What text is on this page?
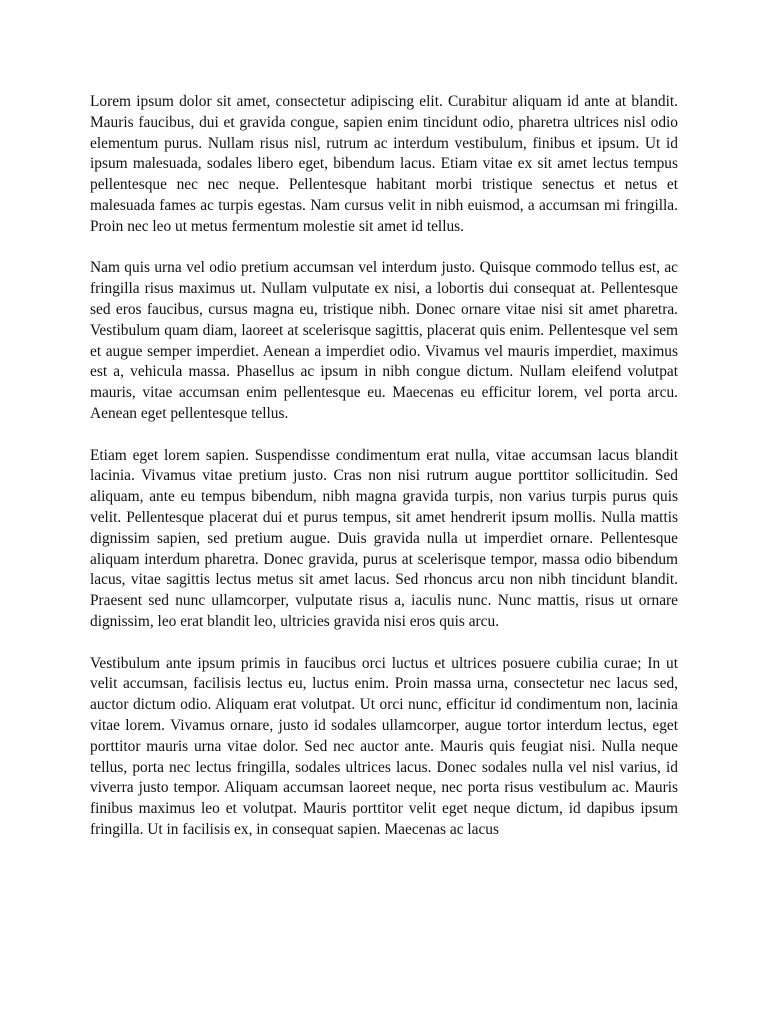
Lorem ipsum dolor sit amet, consectetur adipiscing elit. Curabitur aliquam id ante at blandit. Mauris faucibus, dui et gravida congue, sapien enim tincidunt odio, pharetra ultrices nisl odio elementum purus. Nullam risus nisl, rutrum ac interdum vestibulum, finibus et ipsum. Ut id ipsum malesuada, sodales libero eget, bibendum lacus. Etiam vitae ex sit amet lectus tempus pellentesque nec nec neque. Pellentesque habitant morbi tristique senectus et netus et malesuada fames ac turpis egestas. Nam cursus velit in nibh euismod, a accumsan mi fringilla. Proin nec leo ut metus fermentum molestie sit amet id tellus.

Nam quis urna vel odio pretium accumsan vel interdum justo. Quisque commodo tellus est, ac fringilla risus maximus ut. Nullam vulputate ex nisi, a lobortis dui consequat at. Pellentesque sed eros faucibus, cursus magna eu, tristique nibh. Donec ornare vitae nisi sit amet pharetra. Vestibulum quam diam, laoreet at scelerisque sagittis, placerat quis enim. Pellentesque vel sem et augue semper imperdiet. Aenean a imperdiet odio. Vivamus vel mauris imperdiet, maximus est a, vehicula massa. Phasellus ac ipsum in nibh congue dictum. Nullam eleifend volutpat mauris, vitae accumsan enim pellentesque eu. Maecenas eu efficitur lorem, vel porta arcu. Aenean eget pellentesque tellus.

Etiam eget lorem sapien. Suspendisse condimentum erat nulla, vitae accumsan lacus blandit lacinia. Vivamus vitae pretium justo. Cras non nisi rutrum augue porttitor sollicitudin. Sed aliquam, ante eu tempus bibendum, nibh magna gravida turpis, non varius turpis purus quis velit. Pellentesque placerat dui et purus tempus, sit amet hendrerit ipsum mollis. Nulla mattis dignissim sapien, sed pretium augue. Duis gravida nulla ut imperdiet ornare. Pellentesque aliquam interdum pharetra. Donec gravida, purus at scelerisque tempor, massa odio bibendum lacus, vitae sagittis lectus metus sit amet lacus. Sed rhoncus arcu non nibh tincidunt blandit. Praesent sed nunc ullamcorper, vulputate risus a, iaculis nunc. Nunc mattis, risus ut ornare dignissim, leo erat blandit leo, ultricies gravida nisi eros quis arcu.

Vestibulum ante ipsum primis in faucibus orci luctus et ultrices posuere cubilia curae; In ut velit accumsan, facilisis lectus eu, luctus enim. Proin massa urna, consectetur nec lacus sed, auctor dictum odio. Aliquam erat volutpat. Ut orci nunc, efficitur id condimentum non, lacinia vitae lorem. Vivamus ornare, justo id sodales ullamcorper, augue tortor interdum lectus, eget porttitor mauris urna vitae dolor. Sed nec auctor ante. Mauris quis feugiat nisi. Nulla neque tellus, porta nec lectus fringilla, sodales ultrices lacus. Donec sodales nulla vel nisl varius, id viverra justo tempor. Aliquam accumsan laoreet neque, nec porta risus vestibulum ac. Mauris finibus maximus leo et volutpat. Mauris porttitor velit eget neque dictum, id dapibus ipsum fringilla. Ut in facilisis ex, in consequat sapien. Maecenas ac lacus
